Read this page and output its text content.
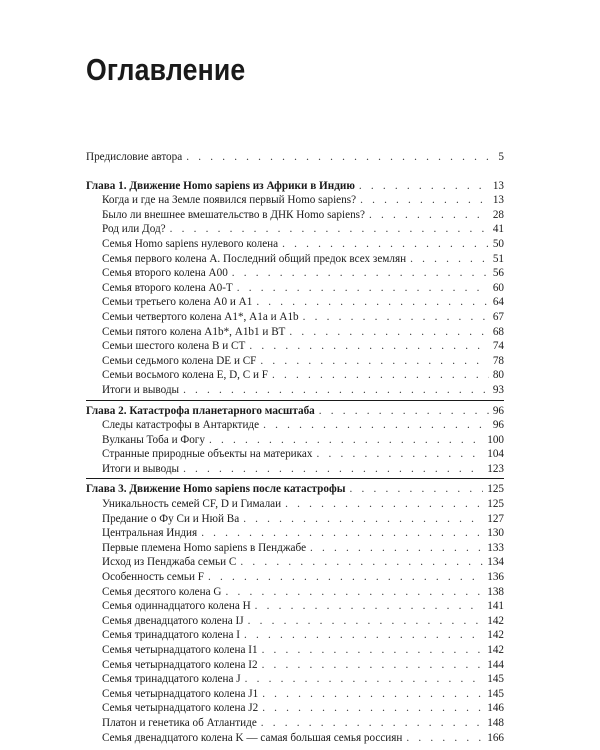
Оглавление
Предисловие автора . . .	5
Глава 1. Движение Homo sapiens из Африки в Индию . . .	13
Когда и где на Земле появился первый Homo sapiens? . . .	13
Было ли внешнее вмешательство в ДНК Homo sapiens? . . .	28
Род или Дод? . . .	41
Семья Homo sapiens нулевого колена . . .	50
Семья первого колена А. Последний общий предок всех землян . . .	51
Семья второго колена А00 . . .	56
Семья второго колена А0-Т . . .	60
Семьи третьего колена А0 и А1 . . .	64
Семьи четвертого колена А1*, А1а и А1b . . .	67
Семьи пятого колена А1b*, А1b1 и ВТ . . .	68
Семьи шестого колена В и СТ . . .	74
Семьи седьмого колена DE и CF . . .	78
Семьи восьмого колена E, D, C и F . . .	80
Итоги и выводы . . .	93
Глава 2. Катастрофа планетарного масштаба . . .	96
Следы катастрофы в Антарктиде . . .	96
Вулканы Тоба и Фогу . . .	100
Странные природные объекты на материках . . .	104
Итоги и выводы . . .	123
Глава 3. Движение Homo sapiens после катастрофы . . .	125
Уникальность семей CF, D и Гималаи . . .	125
Предание о Фу Си и Нюй Ва . . .	127
Центральная Индия . . .	130
Первые племена Homo sapiens в Пенджабе . . .	133
Исход из Пенджаба семьи С . . .	134
Особенность семьи F . . .	136
Семья десятого колена G . . .	138
Семья одиннадцатого колена H . . .	141
Семья двенадцатого колена IJ . . .	142
Семья тринадцатого колена I . . .	142
Семья четырнадцатого колена I1 . . .	142
Семья четырнадцатого колена I2 . . .	144
Семья тринадцатого колена J . . .	145
Семья четырнадцатого колена J1 . . .	145
Семья четырнадцатого колена J2 . . .	146
Платон и генетика об Атлантиде . . .	148
Семья двенадцатого колена K — самая большая семья россиян . . .	166
